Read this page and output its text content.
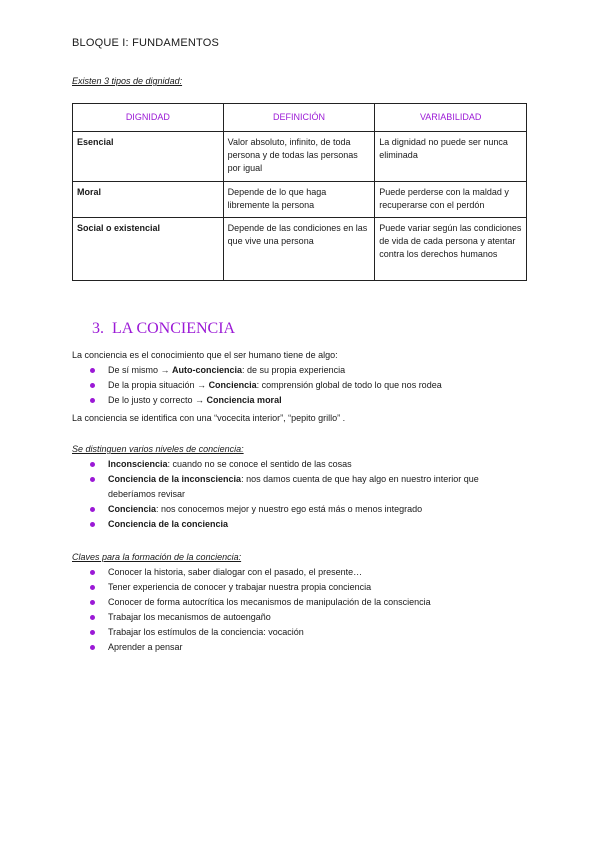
BLOQUE I: FUNDAMENTOS
Existen 3 tipos de dignidad:
DIGNIDAD	DEFINICIÓN	VARIABILIDAD
Esencial	Valor absoluto, infinito, de toda persona y de todas las personas por igual	La dignidad no puede ser nunca eliminada
Moral	Depende de lo que haga libremente la persona	Puede perderse con la maldad y recuperarse con el perdón
Social o existencial	Depende de las condiciones en las que vive una persona	Puede variar según las condiciones de vida de cada persona y atentar contra los derechos humanos
3. LA CONCIENCIA
La conciencia es el conocimiento que el ser humano tiene de algo:
De sí mismo → Auto-conciencia: de su propia experiencia
De la propia situación → Conciencia: comprensión global de todo lo que nos rodea
De lo justo y correcto → Conciencia moral
La conciencia se identifica con una “vocecita interior”, “pepito grillo” .
Se distinguen varios niveles de conciencia:
Inconsciencia: cuando no se conoce el sentido de las cosas
Conciencia de la inconsciencia: nos damos cuenta de que hay algo en nuestro interior que deberíamos revisar
Conciencia: nos conocemos mejor y nuestro ego está más o menos integrado
Conciencia de la conciencia
Claves para la formación de la conciencia:
Conocer la historia, saber dialogar con el pasado, el presente…
Tener experiencia de conocer y trabajar nuestra propia conciencia
Conocer de forma autocrítica los mecanismos de manipulación de la consciencia
Trabajar los mecanismos de autoengaño
Trabajar los estímulos de la conciencia: vocación
Aprender a pensar
